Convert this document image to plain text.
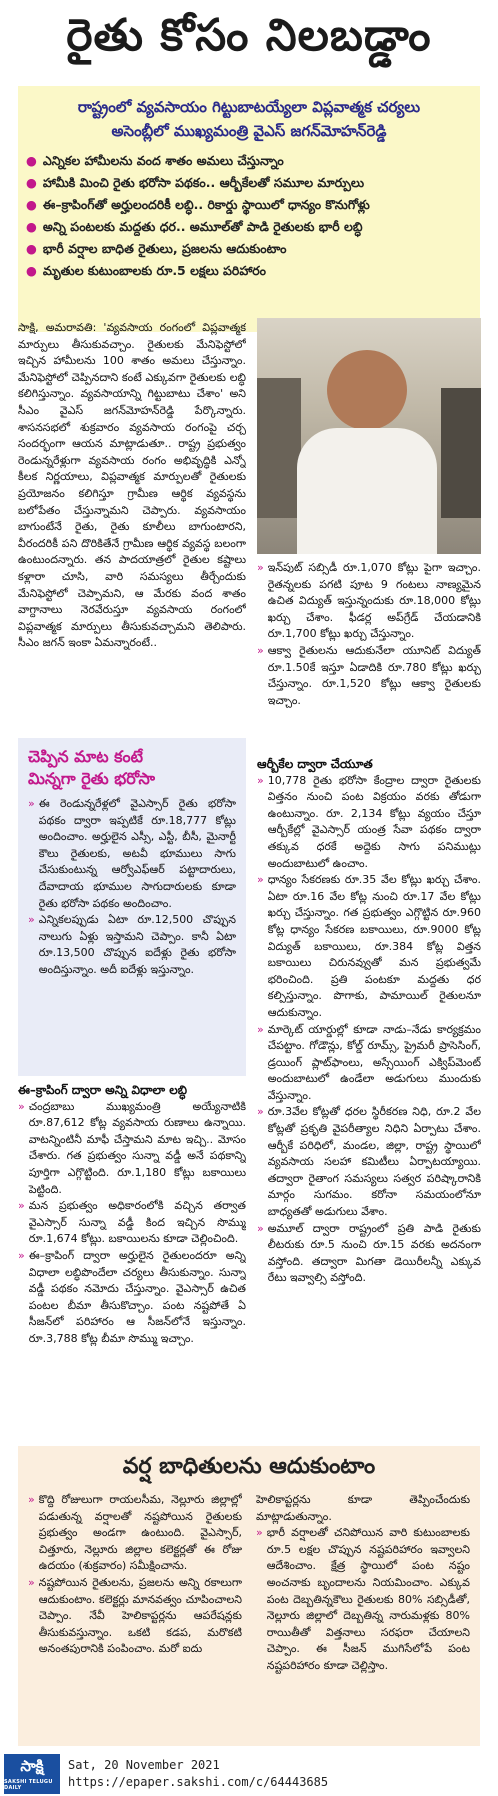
రైతు కోసం నిలబడ్డాం
రాష్ట్రంలో వ్యవసాయం గిట్టుబాటయ్యేలా విప్లవాత్మక చర్యలు
అసెంబ్లీలో ముఖ్యమంత్రి వైఎస్‌ జగన్‌మోహన్‌రెడ్డి
● ఎన్నికల హామీలను వంద శాతం అమలు చేస్తున్నాం
● హామీకి మించి రైతు భరోసా పథకం.. ఆర్బీకేలతో సమూల మార్పులు
● ఈ–క్రాపింగ్‌తో అర్హులందరికీ లబ్ధి.. రికార్డు స్థాయిలో ధాన్యం కొనుగోళ్లు
● అన్ని పంటలకు మద్దతు ధర.. అమూల్‌తో పాడి రైతులకు భారీ లబ్ధి
● భారీ వర్షాల బాధిత రైతులు, ప్రజలను ఆదుకుంటాం
● మృతుల కుటుంబాలకు రూ.5 లక్షలు పరిహారం
సాక్షి, అమరావతి: 'వ్యవసాయ రంగంలో విప్లవాత్మక మార్పులు తీసుకువచ్చాం. రైతులకు మేనిఫెస్టోలో ఇచ్చిన హామీలను 100 శాతం అమలు చేస్తున్నాం. మేనిఫెస్టోలో చెప్పినదాని కంటే ఎక్కువగా రైతులకు లబ్ధి కలిగిస్తున్నాం. వ్యవసాయాన్ని గిట్టుబాటు చేశాం' అని సీఎం వైఎస్‌ జగన్‌మోహన్‌రెడ్డి పేర్కొన్నారు. శాసనసభలో శుక్రవారం వ్యవసాయ రంగంపై చర్చ సందర్భంగా ఆయన మాట్లాడుతూ.. రాష్ట్ర ప్రభుత్వం రెండున్నరేళ్లుగా వ్యవసాయ రంగం అభివృద్ధికి ఎన్నో కీలక నిర్ణయాలు, విప్లవాత్మక మార్పులతో రైతులకు ప్రయోజనం కలిగిస్తూ గ్రామీణ ఆర్థిక వ్యవస్థను బలోపేతం చేస్తున్నామని చెప్పారు. వ్యవసాయం బాగుంటేనే రైతు, రైతు కూలీలు బాగుంటారని, వీరందరికీ పని దొరికితేనే గ్రామీణ ఆర్థిక వ్యవస్థ బలంగా ఉంటుందన్నారు. తన పాదయాత్రలో రైతుల కష్టాలు కళ్లారా చూసి, వారి సమస్యలు తీర్చేందుకు మేనిఫెస్టోలో చెప్పామని, ఆ మేరకు వంద శాతం వాగ్దానాలు నెరవేరుస్తూ వ్యవసాయ రంగంలో విప్లవాత్మక మార్పులు తీసుకువచ్చామని తెలిపారు. సీఎం జగన్‌ ఇంకా ఏమన్నారంటే..
» ఇన్‌పుట్‌ సబ్సిడీ రూ.1,070 కోట్లు పైగా ఇచ్చాం. రైతన్నలకు పగటి పూట 9 గంటలు నాణ్యమైన ఉచిత విద్యుత్‌ ఇస్తున్నందుకు రూ.18,000 కోట్లు ఖర్చు చేశాం. ఫీడర్ల అప్‌గ్రేడ్‌ చేయడానికి రూ.1,700 కోట్లు ఖర్చు చేస్తున్నాం.
» ఆక్వా రైతులను ఆదుకునేలా యూనిట్‌ విద్యుత్‌ రూ.1.50కే ఇస్తూ ఏడాదికి రూ.780 కోట్లు ఖర్చు చేస్తున్నాం. రూ.1,520 కోట్లు ఆక్వా రైతులకు ఇచ్చాం.
చెప్పిన మాట కంటే
మిన్నగా రైతు భరోసా
» ఈ రెండున్నరేళ్లలో వైఎస్సార్‌ రైతు భరోసా పథకం ద్వారా ఇప్పటికే రూ.18,777 కోట్లు అందించాం. అర్హులైన ఎస్సీ, ఎస్టీ, బీసీ, మైనార్టీ కౌలు రైతులకు, అటవీ భూములు సాగు చేసుకుంటున్న ఆర్వోఎఫ్‌ఆర్‌ పట్టాదారులు, దేవాదాయ భూముల సాగుదారులకు కూడా రైతు భరోసా పథకం అందించాం.
» ఎన్నికలప్పుడు ఏటా రూ.12,500 చొప్పున నాలుగు ఏళ్లు ఇస్తామని చెప్పాం. కానీ ఏటా రూ.13,500 చొప్పున ఐదేళ్లు రైతు భరోసా అందిస్తున్నాం. అదీ ఐదేళ్లు ఇస్తున్నాం.
ఈ–క్రాపింగ్‌ ద్వారా అన్ని విధాలా లబ్ధి
» చంద్రబాబు ముఖ్యమంత్రి అయ్యేనాటికి రూ.87,612 కోట్ల వ్యవసాయ రుణాలు ఉన్నాయి. వాటన్నింటినీ మాఫీ చేస్తామని మాట ఇచ్చి.. మోసం చేశారు. గత ప్రభుత్వం సున్నా వడ్డీ అనే పథకాన్ని పూర్తిగా ఎగ్గొట్టింది. రూ.1,180 కోట్లు బకాయిలు పెట్టింది.
» మన ప్రభుత్వం అధికారంలోకి వచ్చిన తర్వాత వైఎస్సార్‌ సున్నా వడ్డీ కింద ఇచ్చిన సొమ్ము రూ.1,674 కోట్లు. బకాయిలను కూడా చెల్లించింది.
» ఈ–క్రాపింగ్‌ ద్వారా అర్హులైన రైతులందరూ అన్ని విధాలా లబ్ధిపొందేలా చర్యలు తీసుకున్నాం. సున్నా వడ్డీ పథకం నమోదు చేస్తున్నాం. వైఎస్సార్‌ ఉచిత పంటల బీమా తీసుకొచ్చాం. పంట నష్టపోతే ఏ సీజన్‌లో పరిహారం ఆ సీజన్‌లోనే ఇస్తున్నాం. రూ.3,788 కోట్ల బీమా సొమ్ము ఇచ్చాం.
ఆర్బీకేల ద్వారా చేయూత
» 10,778 రైతు భరోసా కేంద్రాల ద్వారా రైతులకు విత్తనం నుంచి పంట విక్రయం వరకు తోడుగా ఉంటున్నాం. రూ. 2,134 కోట్లు వ్యయం చేస్తూ ఆర్బీకేల్లో వైఎస్సార్‌ యంత్ర సేవా పథకం ద్వారా తక్కువ ధరకే అద్దెకు సాగు పనిముట్లు అందుబాటులో ఉంచాం.
» ధాన్యం సేకరణకు రూ.35 వేల కోట్లు ఖర్చు చేశాం. ఏటా రూ.16 వేల కోట్ల నుంచి రూ.17 వేల కోట్లు ఖర్చు చేస్తున్నాం. గత ప్రభుత్వం ఎగ్గొట్టిన రూ.960 కోట్ల ధాన్యం సేకరణ బకాయిలు, రూ.9000 కోట్ల విద్యుత్‌ బకాయిలు, రూ.384 కోట్ల విత్తన బకాయిలు చిరునవ్వుతో మన ప్రభుత్వమే భరించింది. ప్రతి పంటకూ మద్దతు ధర కల్పిస్తున్నాం. పొగాకు, పామాయిల్‌ రైతులనూ ఆదుకున్నాం.
» మార్కెట్‌ యార్డుల్లో కూడా నాడు–నేడు కార్యక్రమం చేపట్టాం. గోడౌన్లు, కోల్డ్‌ రూమ్స్‌, ప్రైమరీ ప్రాసెసింగ్‌, డ్రయింగ్‌ ప్లాట్‌ఫాంలు, అస్సేయింగ్‌ ఎక్విప్‌మెంట్‌ అందుబాటులో ఉండేలా అడుగులు ముందుకు వేస్తున్నాం.
» రూ.3వేల కోట్లతో ధరల స్థిరీకరణ నిధి, రూ.2 వేల కోట్లతో ప్రకృతి వైపరీత్యాల నిధిని ఏర్పాటు చేశాం. ఆర్బీకే పరిధిలో, మండల, జిల్లా, రాష్ట్ర స్థాయిలో వ్యవసాయ సలహా కమిటీలు ఏర్పాటయ్యాయి. తద్వారా రైతాంగ సమస్యలు సత్వర పరిష్కారానికి మార్గం సుగమం. కరోనా సమయంలోనూ బాధ్యతతో అడుగులు వేశాం.
» అమూల్‌ ద్వారా రాష్ట్రంలో ప్రతి పాడి రైతుకు లీటరుకు రూ.5 నుంచి రూ.15 వరకు అదనంగా వస్తోంది. తద్వారా మిగతా డెయిరీలన్నీ ఎక్కువ రేటు ఇవ్వాల్సి వస్తోంది.
వర్ష బాధితులను ఆదుకుంటాం
» కొద్ది రోజులుగా రాయలసీమ, నెల్లూరు జిల్లాల్లో పడుతున్న వర్షాలతో నష్టపోయిన రైతులకు ప్రభుత్వం అండగా ఉంటుంది. వైఎస్సార్‌, చిత్తూరు, నెల్లూరు జిల్లాల కలెక్టర్లతో ఈ రోజు ఉదయం (శుక్రవారం) సమీక్షించాను.
» నష్టపోయిన రైతులను, ప్రజలను అన్ని రకాలుగా ఆదుకుంటాం. కలెక్టర్లు మానవత్వం చూపించాలని చెప్పాం. నేవీ హెలికాప్టర్లను ఆపరేషన్లకు తీసుకువస్తున్నాం. ఒకటి కడప, మరొకటి అనంతపురానికి పంపించాం. మరో ఐదు
హెలికాప్టర్లను కూడా తెప్పించేందుకు మాట్లాడుతున్నాం.
» భారీ వర్షాలతో చనిపోయిన వారి కుటుంబాలకు రూ.5 లక్షల చొప్పున నష్టపరిహారం ఇవ్వాలని ఆదేశించాం. క్షేత్ర స్థాయిలో పంట నష్టం అంచనాకు బృందాలను నియమించాం. ఎక్కువ పంట దెబ్బతిన్నకౌలు రైతులకు 80% సబ్సిడీతో, నెల్లూరు జిల్లాలో దెబ్బతిన్న నారుమళ్లకు 80% రాయితీతో విత్తనాలు సరఫరా చేయాలని చెప్పాం. ఈ సీజన్‌ ముగిసేలోపే పంట నష్టపరిహారం కూడా చెల్లిస్తాం.
సాక్షి
SAKSHI TELUGU DAILY
Sat, 20 November 2021
https://epaper.sakshi.com/c/64443685
